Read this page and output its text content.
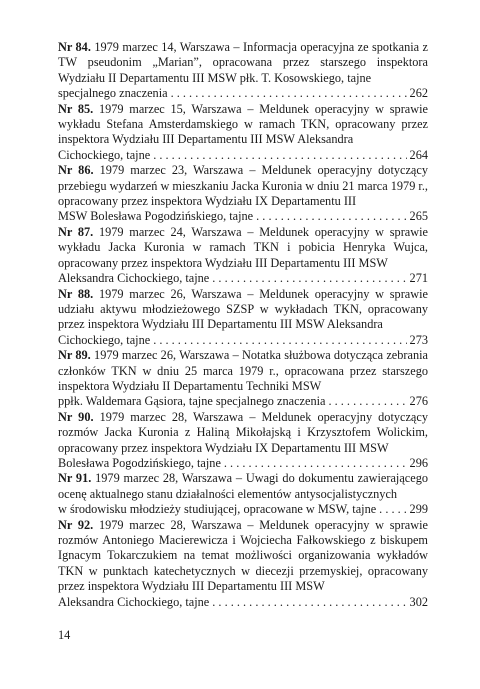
Nr 84. 1979 marzec 14, Warszawa – Informacja operacyjna ze spotkania z TW pseudonim „Marian”, opracowana przez starszego inspektora Wydziału II Departamentu III MSW płk. T. Kosowskiego, tajne
specjalnego znaczenia . . .	262

Nr 85. 1979 marzec 15, Warszawa – Meldunek operacyjny w sprawie wykładu Stefana Amsterdamskiego w ramach TKN, opracowany przez inspektora Wydziału III Departamentu III MSW Aleksandra
Cichockiego, tajne . . .	264

Nr 86. 1979 marzec 23, Warszawa – Meldunek operacyjny dotyczący przebiegu wydarzeń w mieszkaniu Jacka Kuronia w dniu 21 marca 1979 r., opracowany przez inspektora Wydziału IX Departamentu III
MSW Bolesława Pogodzińskiego, tajne . . .	265

Nr 87. 1979 marzec 24, Warszawa – Meldunek operacyjny w sprawie wykładu Jacka Kuronia w ramach TKN i pobicia Henryka Wujca, opracowany przez inspektora Wydziału III Departamentu III MSW
Aleksandra Cichockiego, tajne . . .	271

Nr 88. 1979 marzec 26, Warszawa – Meldunek operacyjny w sprawie udziału aktywu młodzieżowego SZSP w wykładach TKN, opracowany przez inspektora Wydziału III Departamentu III MSW Aleksandra
Cichockiego, tajne . . .	273

Nr 89. 1979 marzec 26, Warszawa – Notatka służbowa dotycząca zebrania członków TKN w dniu 25 marca 1979 r., opracowana przez starszego inspektora Wydziału II Departamentu Techniki MSW
ppłk. Waldemara Gąsiora, tajne specjalnego znaczenia . . .	276

Nr 90. 1979 marzec 28, Warszawa – Meldunek operacyjny dotyczący rozmów Jacka Kuronia z Haliną Mikołajską i Krzysztofem Wolickim, opracowany przez inspektora Wydziału IX Departamentu III MSW
Bolesława Pogodzińskiego, tajne . . .	296

Nr 91. 1979 marzec 28, Warszawa – Uwagi do dokumentu zawierającego ocenę aktualnego stanu działalności elementów antysocjalistycznych
w środowisku młodzieży studiującej, opracowane w MSW, tajne . . .	299

Nr 92. 1979 marzec 28, Warszawa – Meldunek operacyjny w sprawie rozmów Antoniego Macierewicza i Wojciecha Fałkowskiego z biskupem Ignacym Tokarczukiem na temat możliwości organizowania wykładów TKN w punktach katechetycznych w diecezji przemyskiej, opracowany przez inspektora Wydziału III Departamentu III MSW
Aleksandra Cichockiego, tajne . . .	302

14
